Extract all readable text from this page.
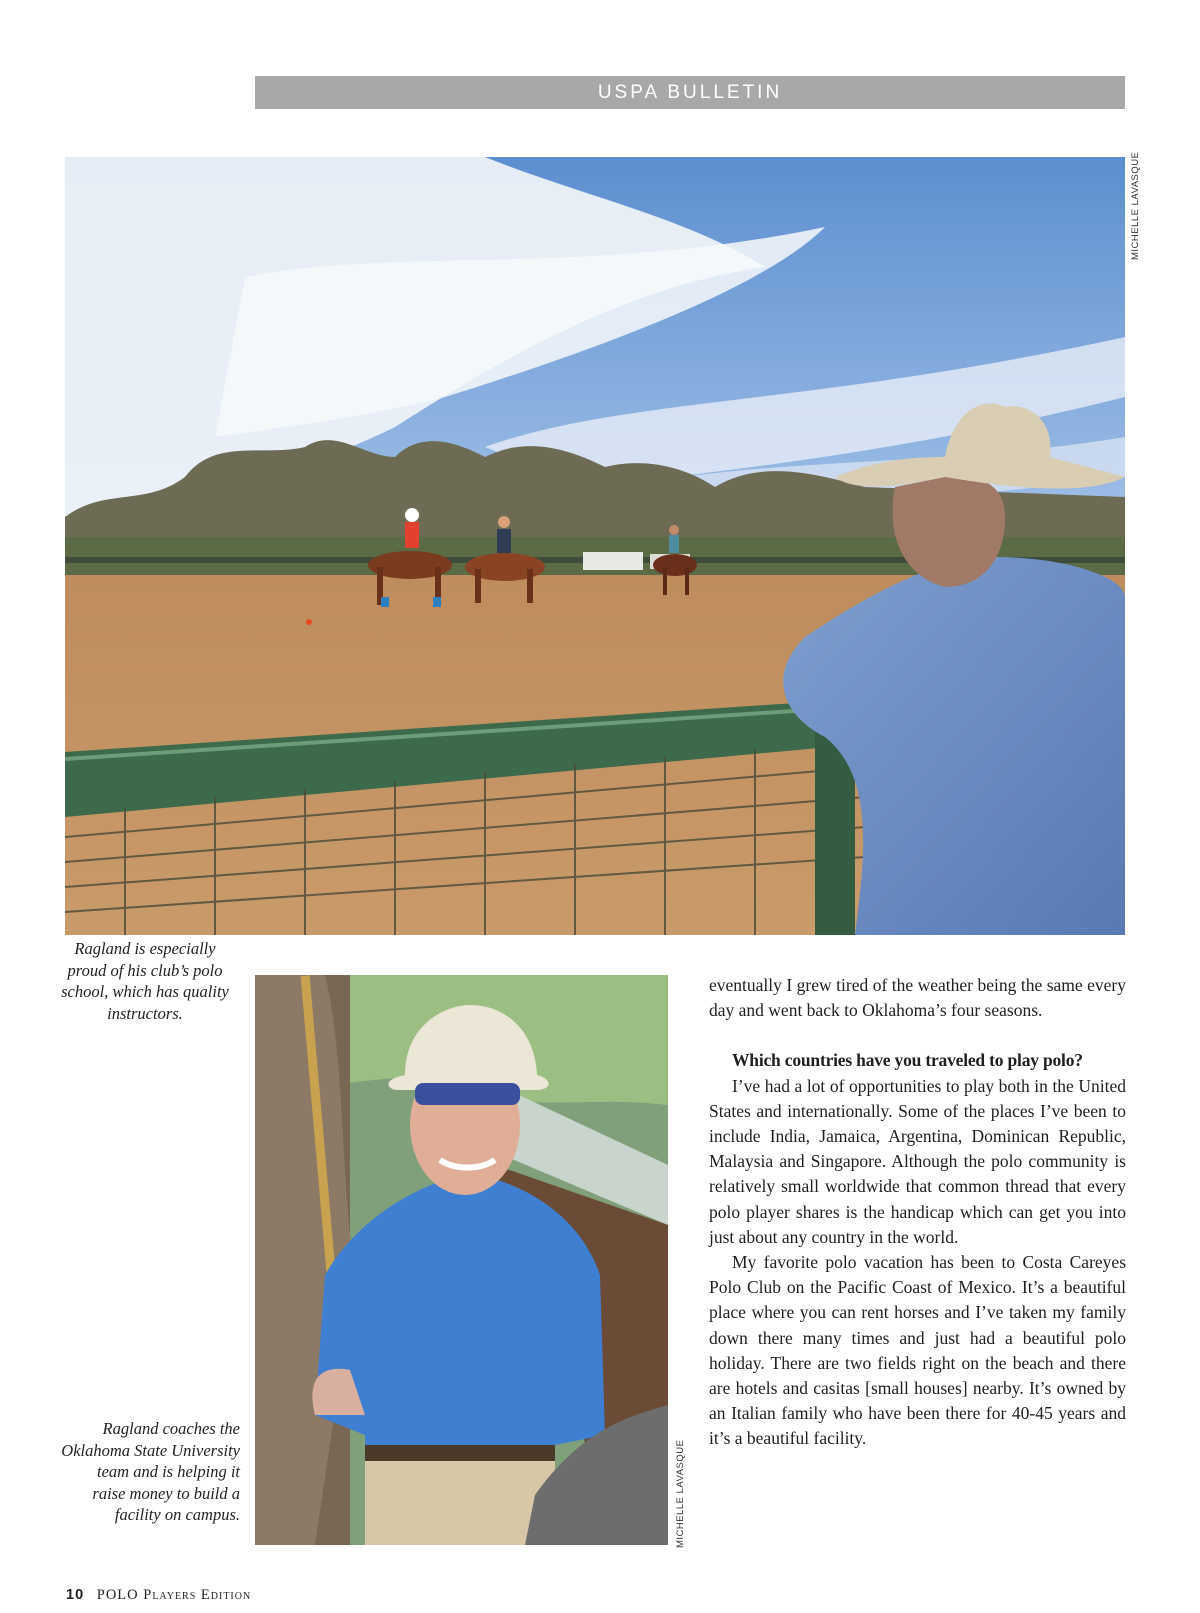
USPA BULLETIN
MICHELLE LAVASQUE
Ragland is especially proud of his club’s polo school, which has quality instructors.
MICHELLE LAVASQUE
Ragland coaches the Oklahoma State University team and is helping it raise money to build a facility on campus.

eventually I grew tired of the weather being the same every day and went back to Oklahoma’s four seasons.

Which countries have you traveled to play polo?

I’ve had a lot of opportunities to play both in the United States and internationally. Some of the places I’ve been to include India, Jamaica, Argentina, Dominican Republic, Malaysia and Singapore. Although the polo community is relatively small worldwide that common thread that every polo player shares is the handicap which can get you into just about any country in the world.

My favorite polo vacation has been to Costa Careyes Polo Club on the Pacific Coast of Mexico. It’s a beautiful place where you can rent horses and I’ve taken my family down there many times and just had a beautiful polo holiday. There are two fields right on the beach and there are hotels and casitas [small houses] nearby. It’s owned by an Italian family who have been there for 40-45 years and it’s a beautiful facility.

10 POLO Players Edition
